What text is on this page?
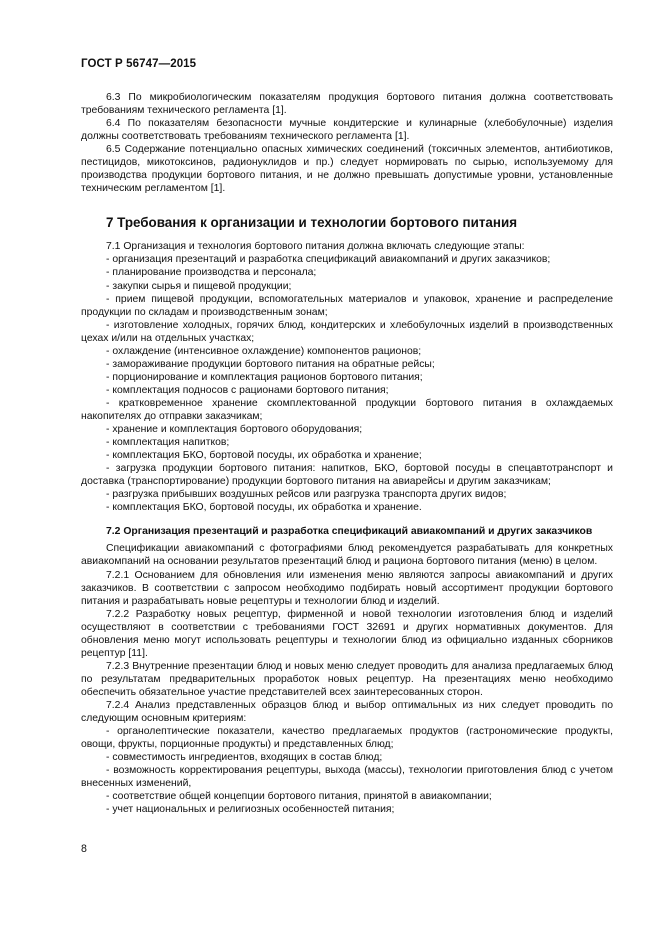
ГОСТ Р 56747—2015

6.3 По микробиологическим показателям продукция бортового питания должна соответствовать требованиям технического регламента [1].

6.4 По показателям безопасности мучные кондитерские и кулинарные (хлебобулочные) изделия должны соответствовать требованиям технического регламента [1].

6.5 Содержание потенциально опасных химических соединений (токсичных элементов, антибиотиков, пестицидов, микотоксинов, радионуклидов и пр.) следует нормировать по сырью, используемому для производства продукции бортового питания, и не должно превышать допустимые уровни, установленные техническим регламентом [1].

7 Требования к организации и технологии бортового питания

7.1 Организация и технология бортового питания должна включать следующие этапы:

- организация презентаций и разработка спецификаций авиакомпаний и других заказчиков;

- планирование производства и персонала;

- закупки сырья и пищевой продукции;

- прием пищевой продукции, вспомогательных материалов и упаковок, хранение и распределение продукции по складам и производственным зонам;

- изготовление холодных, горячих блюд, кондитерских и хлебобулочных изделий в производственных цехах и/или на отдельных участках;

- охлаждение (интенсивное охлаждение) компонентов рационов;

- замораживание продукции бортового питания на обратные рейсы;

- порционирование и комплектация рационов бортового питания;

- комплектация подносов с рационами бортового питания;

- кратковременное хранение скомплектованной продукции бортового питания в охлаждаемых накопителях до отправки заказчикам;

- хранение и комплектация бортового оборудования;

- комплектация напитков;

- комплектация БКО, бортовой посуды, их обработка и хранение;

- загрузка продукции бортового питания: напитков, БКО, бортовой посуды в спецавтотранспорт и доставка (транспортирование) продукции бортового питания на авиарейсы и другим заказчикам;

- разгрузка прибывших воздушных рейсов или разгрузка транспорта других видов;

- комплектация БКО, бортовой посуды, их обработка и хранение.

7.2 Организация презентаций и разработка спецификаций авиакомпаний и других заказчиков

Спецификации авиакомпаний с фотографиями блюд рекомендуется разрабатывать для конкретных авиакомпаний на основании результатов презентаций блюд и рациона бортового питания (меню) в целом.

7.2.1 Основанием для обновления или изменения меню являются запросы авиакомпаний и других заказчиков. В соответствии с запросом необходимо подбирать новый ассортимент продукции бортового питания и разрабатывать новые рецептуры и технологии блюд и изделий.

7.2.2 Разработку новых рецептур, фирменной и новой технологии изготовления блюд и изделий осуществляют в соответствии с требованиями ГОСТ 32691 и других нормативных документов. Для обновления меню могут использовать рецептуры и технологии блюд из официально изданных сборников рецептур [11].

7.2.3 Внутренние презентации блюд и новых меню следует проводить для анализа предлагаемых блюд по результатам предварительных проработок новых рецептур. На презентациях меню необходимо обеспечить обязательное участие представителей всех заинтересованных сторон.

7.2.4 Анализ представленных образцов блюд и выбор оптимальных из них следует проводить по следующим основным критериям:

- органолептические показатели, качество предлагаемых продуктов (гастрономические продукты, овощи, фрукты, порционные продукты) и представленных блюд;

- совместимость ингредиентов, входящих в состав блюд;

- возможность корректирования рецептуры, выхода (массы), технологии приготовления блюд с учетом внесенных изменений,

- соответствие общей концепции бортового питания, принятой в авиакомпании;

- учет национальных и религиозных особенностей питания;

8
